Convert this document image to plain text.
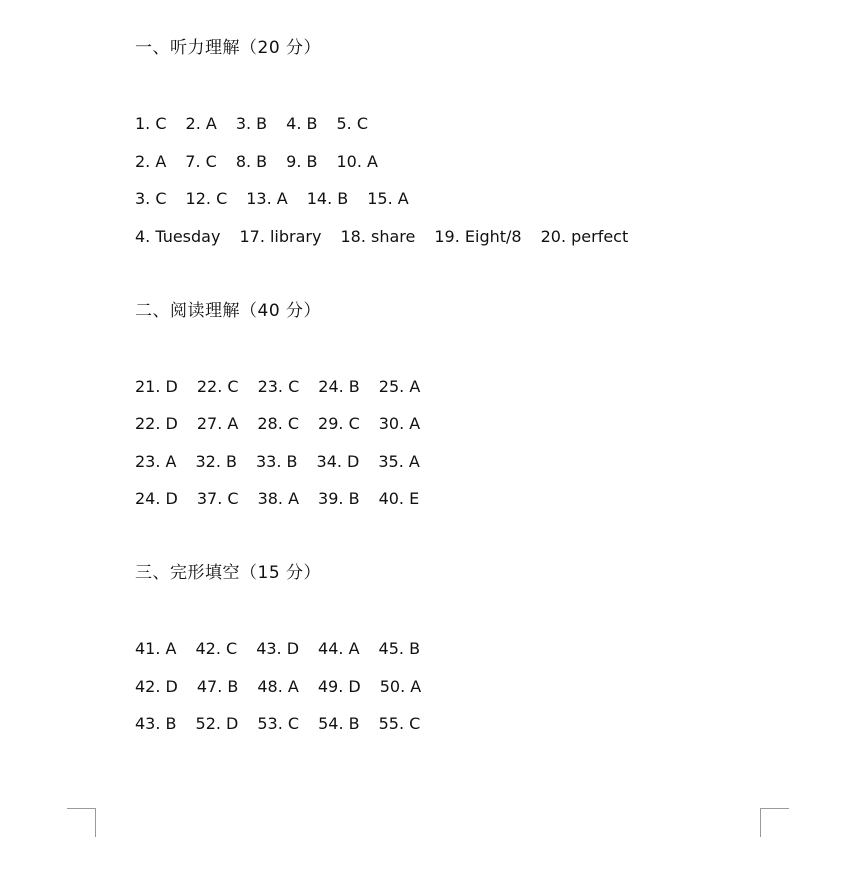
一、听力理解（20 分）
1. C 2. A 3. B 4. B 5. C
2. A 7. C 8. B 9. B 10. A
3. C 12. C 13. A 14. B 15. A
4. Tuesday 17. library 18. share 19. Eight/8 20. perfect
二、阅读理解（40 分）
21. D 22. C 23. C 24. B 25. A
22. D 27. A 28. C 29. C 30. A
23. A 32. B 33. B 34. D 35. A
24. D 37. C 38. A 39. B 40. E
三、完形填空（15 分）
41. A 42. C 43. D 44. A 45. B
42. D 47. B 48. A 49. D 50. A
43. B 52. D 53. C 54. B 55. C
